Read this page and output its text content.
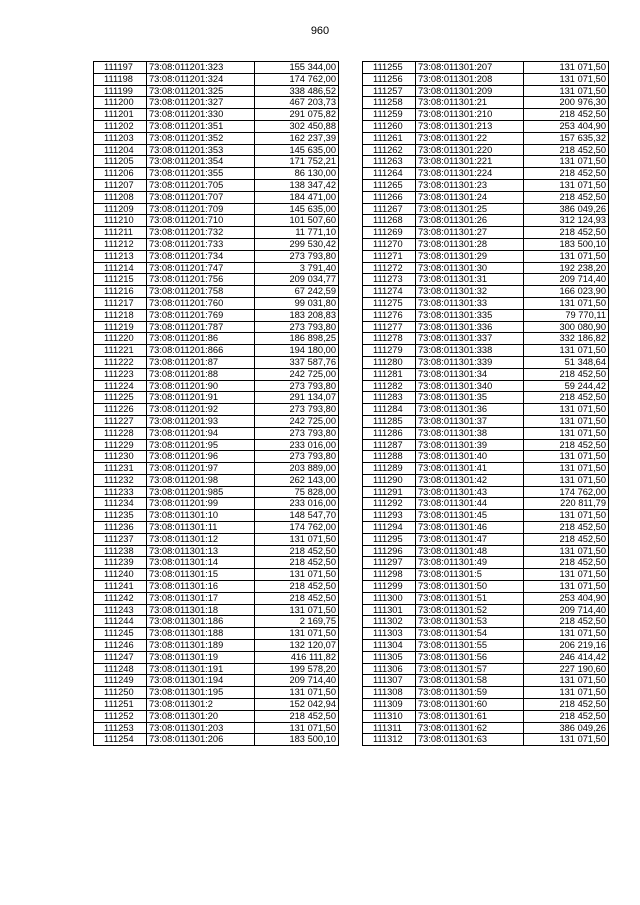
960
111197	73:08:011201:323	155 344,00
111198	73:08:011201:324	174 762,00
111199	73:08:011201:325	338 486,52
111200	73:08:011201:327	467 203,73
111201	73:08:011201:330	291 075,82
111202	73:08:011201:351	302 450,88
111203	73:08:011201:352	162 237,39
111204	73:08:011201:353	145 635,00
111205	73:08:011201:354	171 752,21
111206	73:08:011201:355	86 130,00
111207	73:08:011201:705	138 347,42
111208	73:08:011201:707	184 471,00
111209	73:08:011201:709	145 635,00
111210	73:08:011201:710	101 507,60
111211	73:08:011201:732	11 771,10
111212	73:08:011201:733	299 530,42
111213	73:08:011201:734	273 793,80
111214	73:08:011201:747	3 791,40
111215	73:08:011201:756	209 034,77
111216	73:08:011201:758	67 242,59
111217	73:08:011201:760	99 031,80
111218	73:08:011201:769	183 208,83
111219	73:08:011201:787	273 793,80
111220	73:08:011201:86	186 898,25
111221	73:08:011201:866	194 180,00
111222	73:08:011201:87	337 587,76
111223	73:08:011201:88	242 725,00
111224	73:08:011201:90	273 793,80
111225	73:08:011201:91	291 134,07
111226	73:08:011201:92	273 793,80
111227	73:08:011201:93	242 725,00
111228	73:08:011201:94	273 793,80
111229	73:08:011201:95	233 016,00
111230	73:08:011201:96	273 793,80
111231	73:08:011201:97	203 889,00
111232	73:08:011201:98	262 143,00
111233	73:08:011201:985	75 828,00
111234	73:08:011201:99	233 016,00
111235	73:08:011301:10	148 547,70
111236	73:08:011301:11	174 762,00
111237	73:08:011301:12	131 071,50
111238	73:08:011301:13	218 452,50
111239	73:08:011301:14	218 452,50
111240	73:08:011301:15	131 071,50
111241	73:08:011301:16	218 452,50
111242	73:08:011301:17	218 452,50
111243	73:08:011301:18	131 071,50
111244	73:08:011301:186	2 169,75
111245	73:08:011301:188	131 071,50
111246	73:08:011301:189	132 120,07
111247	73:08:011301:19	416 111,82
111248	73:08:011301:191	199 578,20
111249	73:08:011301:194	209 714,40
111250	73:08:011301:195	131 071,50
111251	73:08:011301:2	152 042,94
111252	73:08:011301:20	218 452,50
111253	73:08:011301:203	131 071,50
111254	73:08:011301:206	183 500,10
111255	73:08:011301:207	131 071,50
111256	73:08:011301:208	131 071,50
111257	73:08:011301:209	131 071,50
111258	73:08:011301:21	200 976,30
111259	73:08:011301:210	218 452,50
111260	73:08:011301:213	253 404,90
111261	73:08:011301:22	157 635,32
111262	73:08:011301:220	218 452,50
111263	73:08:011301:221	131 071,50
111264	73:08:011301:224	218 452,50
111265	73:08:011301:23	131 071,50
111266	73:08:011301:24	218 452,50
111267	73:08:011301:25	386 049,26
111268	73:08:011301:26	312 124,93
111269	73:08:011301:27	218 452,50
111270	73:08:011301:28	183 500,10
111271	73:08:011301:29	131 071,50
111272	73:08:011301:30	192 238,20
111273	73:08:011301:31	209 714,40
111274	73:08:011301:32	166 023,90
111275	73:08:011301:33	131 071,50
111276	73:08:011301:335	79 770,11
111277	73:08:011301:336	300 080,90
111278	73:08:011301:337	332 186,82
111279	73:08:011301:338	131 071,50
111280	73:08:011301:339	51 348,64
111281	73:08:011301:34	218 452,50
111282	73:08:011301:340	59 244,42
111283	73:08:011301:35	218 452,50
111284	73:08:011301:36	131 071,50
111285	73:08:011301:37	131 071,50
111286	73:08:011301:38	131 071,50
111287	73:08:011301:39	218 452,50
111288	73:08:011301:40	131 071,50
111289	73:08:011301:41	131 071,50
111290	73:08:011301:42	131 071,50
111291	73:08:011301:43	174 762,00
111292	73:08:011301:44	220 811,79
111293	73:08:011301:45	131 071,50
111294	73:08:011301:46	218 452,50
111295	73:08:011301:47	218 452,50
111296	73:08:011301:48	131 071,50
111297	73:08:011301:49	218 452,50
111298	73:08:011301:5	131 071,50
111299	73:08:011301:50	131 071,50
111300	73:08:011301:51	253 404,90
111301	73:08:011301:52	209 714,40
111302	73:08:011301:53	218 452,50
111303	73:08:011301:54	131 071,50
111304	73:08:011301:55	206 219,16
111305	73:08:011301:56	246 414,42
111306	73:08:011301:57	227 190,60
111307	73:08:011301:58	131 071,50
111308	73:08:011301:59	131 071,50
111309	73:08:011301:60	218 452,50
111310	73:08:011301:61	218 452,50
111311	73:08:011301:62	386 049,26
111312	73:08:011301:63	131 071,50
